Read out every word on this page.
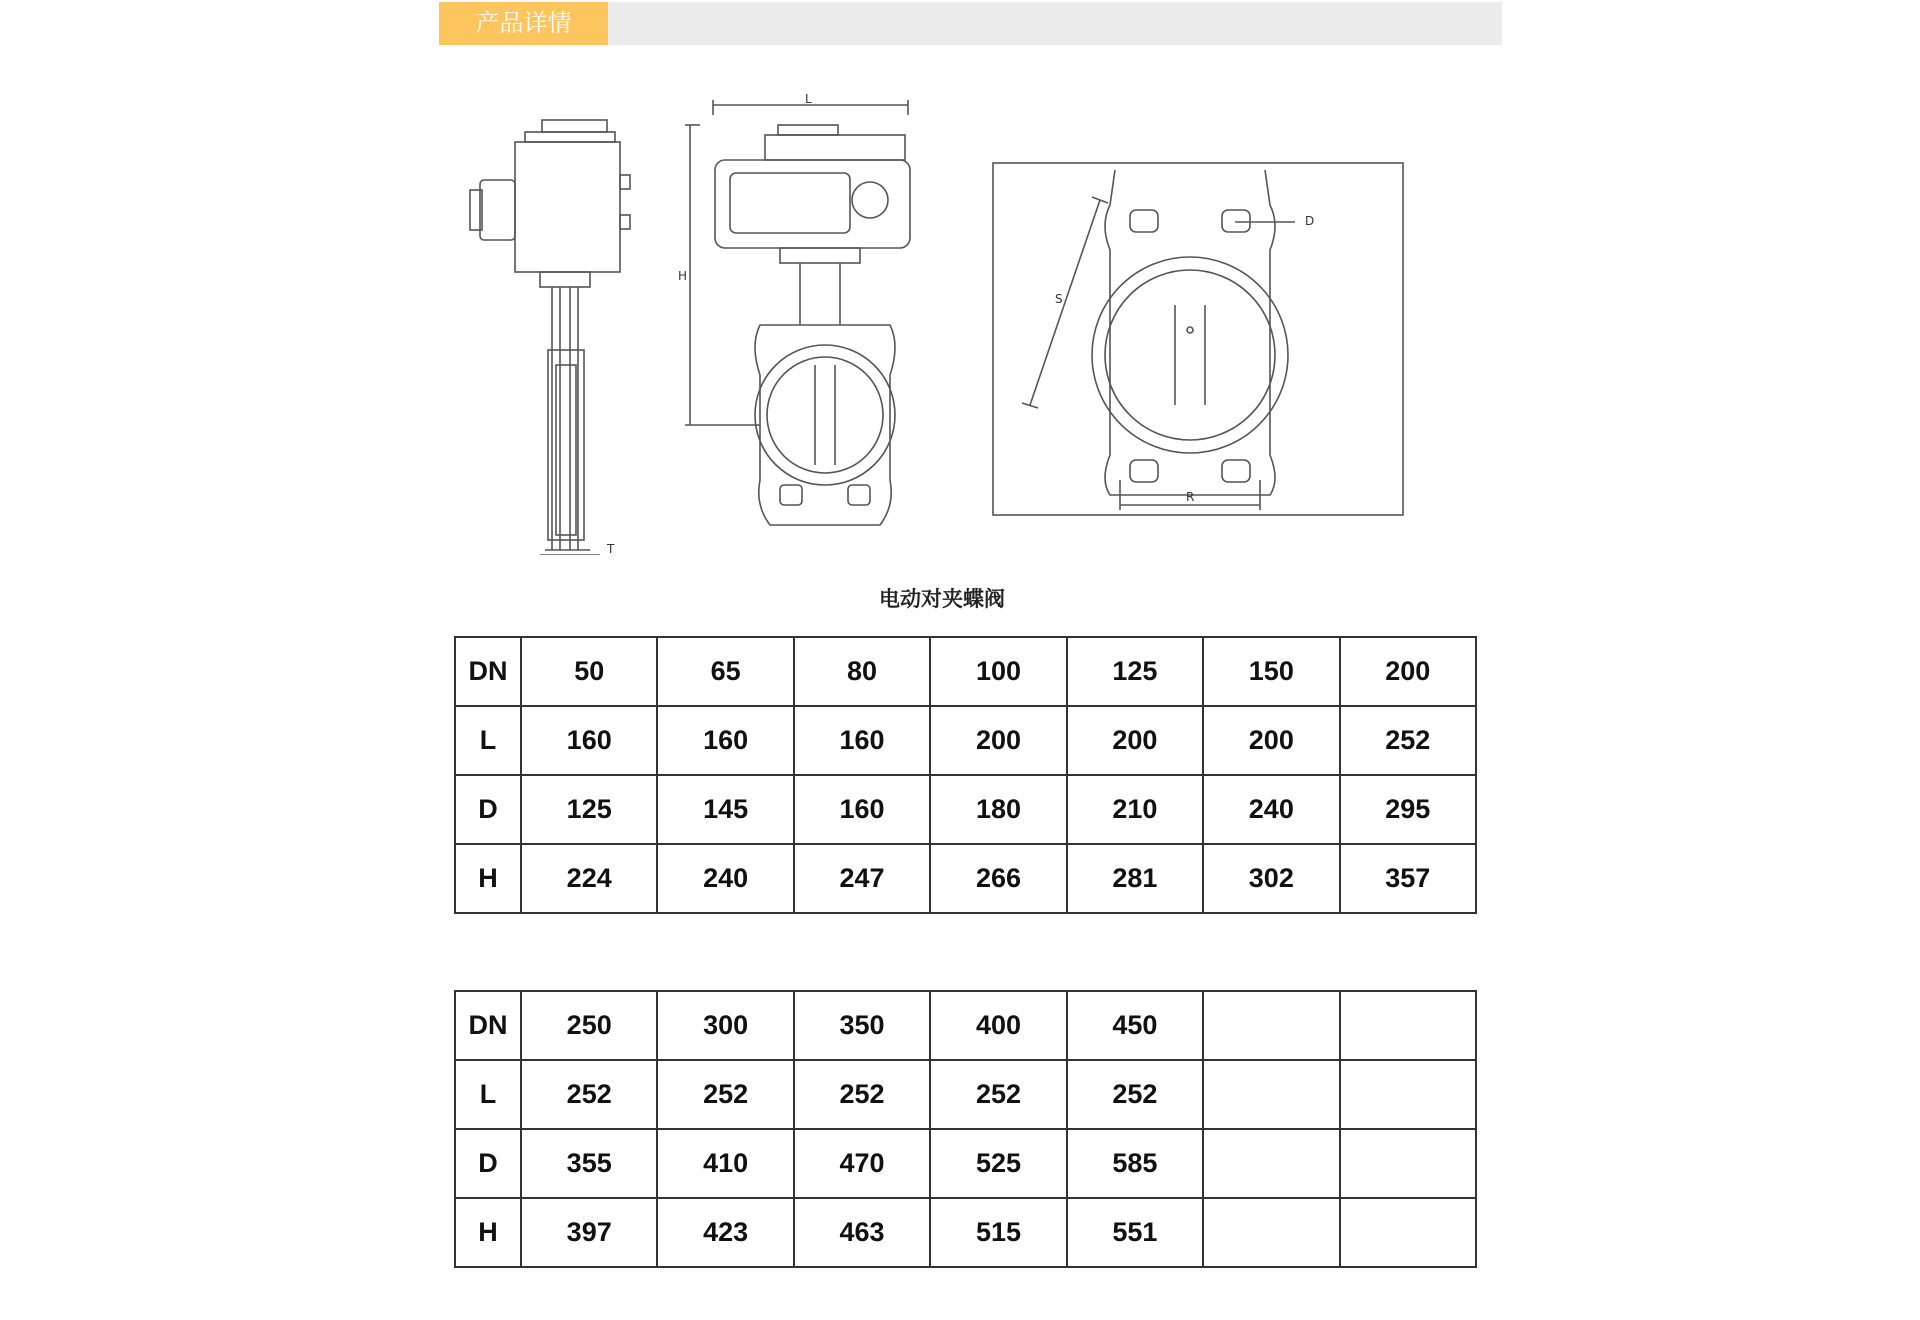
产品详情
T
L
H
S
D
R
电动对夹蝶阀
DN	50	65	80	100	125	150	200
L	160	160	160	200	200	200	252
D	125	145	160	180	210	240	295
H	224	240	247	266	281	302	357
DN	250	300	350	400	450		
L	252	252	252	252	252		
D	355	410	470	525	585		
H	397	423	463	515	551		
